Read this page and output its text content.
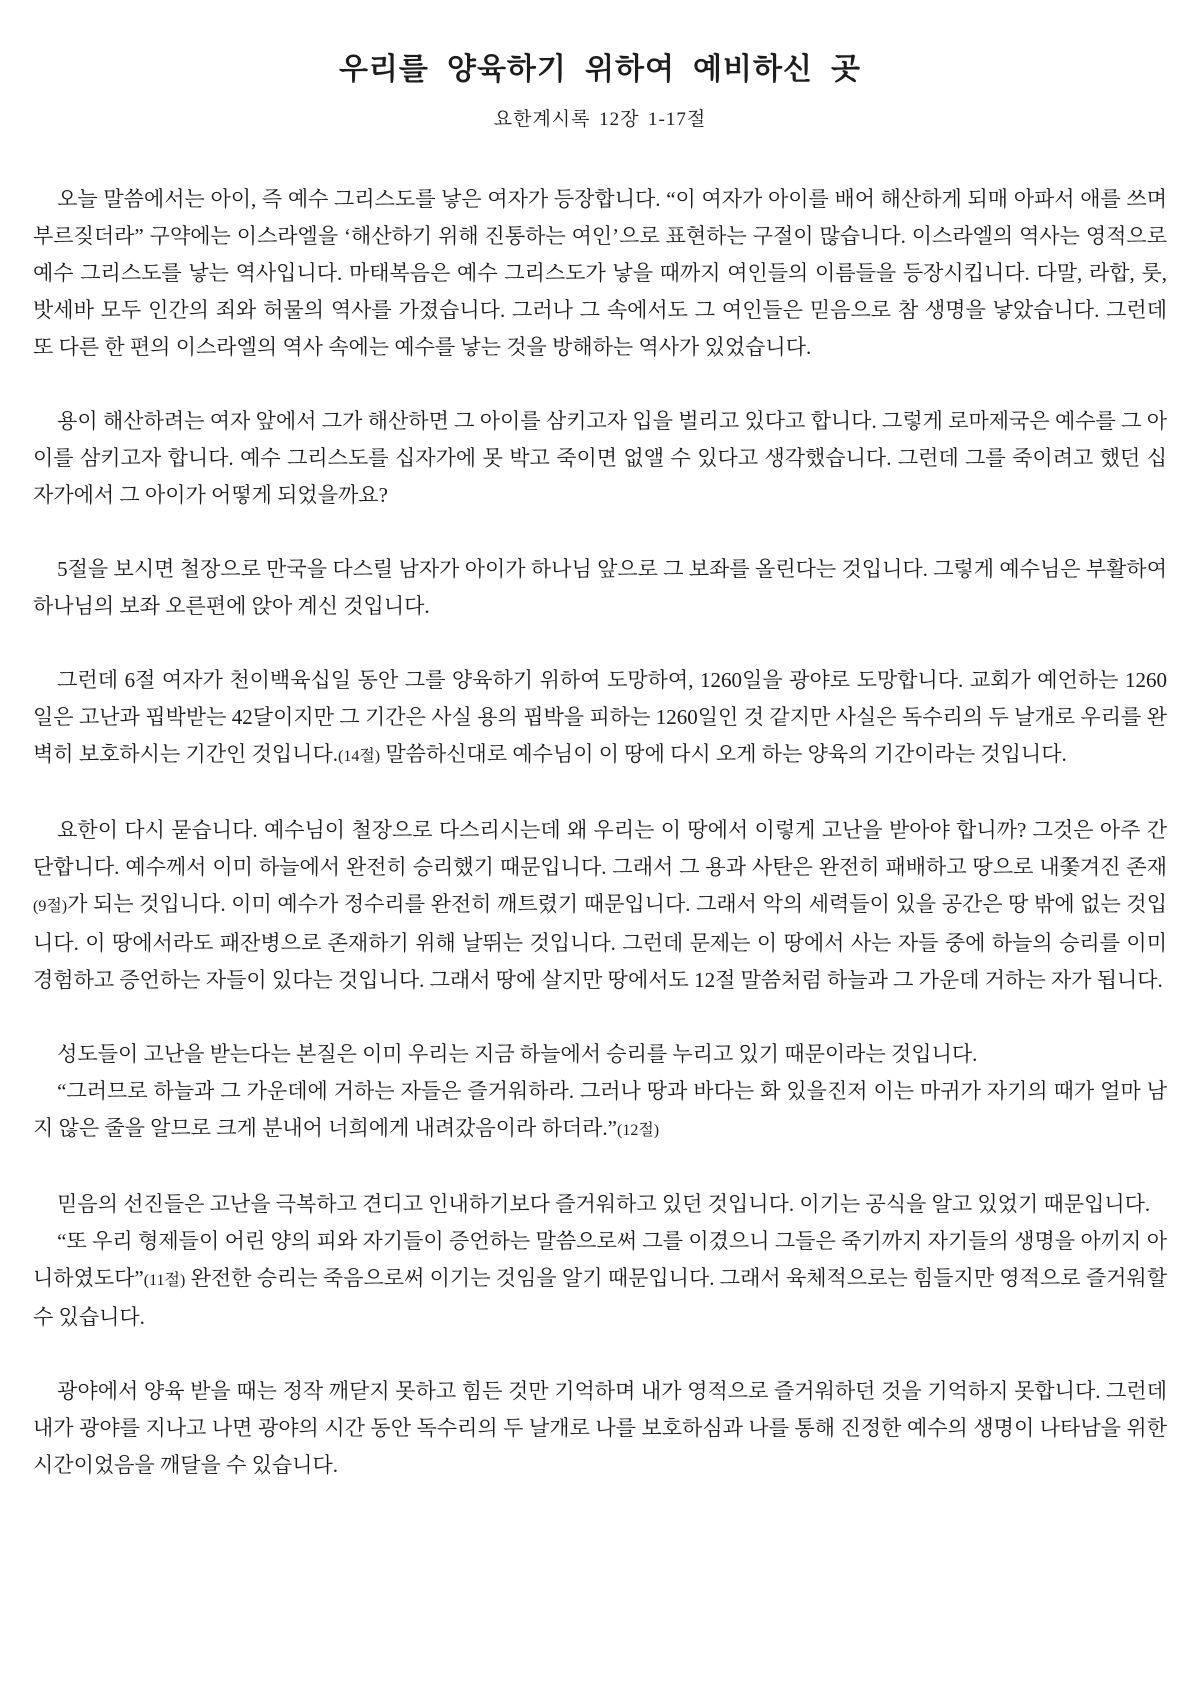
우리를 양육하기 위하여 예비하신 곳
요한계시록 12장 1-17절
오늘 말씀에서는 아이, 즉 예수 그리스도를 낳은 여자가 등장합니다. “이 여자가 아이를 배어 해산하게 되매 아파서 애를 쓰며 부르짖더라” 구약에는 이스라엘을 ‘해산하기 위해 진통하는 여인’으로 표현하는 구절이 많습니다. 이스라엘의 역사는 영적으로 예수 그리스도를 낳는 역사입니다. 마태복음은 예수 그리스도가 낳을 때까지 여인들의 이름들을 등장시킵니다. 다말, 라합, 룻, 밧세바 모두 인간의 죄와 허물의 역사를 가졌습니다. 그러나 그 속에서도 그 여인들은 믿음으로 참 생명을 낳았습니다. 그런데 또 다른 한 편의 이스라엘의 역사 속에는 예수를 낳는 것을 방해하는 역사가 있었습니다.
용이 해산하려는 여자 앞에서 그가 해산하면 그 아이를 삼키고자 입을 벌리고 있다고 합니다. 그렇게 로마제국은 예수를 그 아이를 삼키고자 합니다. 예수 그리스도를 십자가에 못 박고 죽이면 없앨 수 있다고 생각했습니다. 그런데 그를 죽이려고 했던 십자가에서 그 아이가 어떻게 되었을까요?
5절을 보시면 철장으로 만국을 다스릴 남자가 아이가 하나님 앞으로 그 보좌를 올린다는 것입니다. 그렇게 예수님은 부활하여 하나님의 보좌 오른편에 앉아 계신 것입니다.
그런데 6절 여자가 천이백육십일 동안 그를 양육하기 위하여 도망하여, 1260일을 광야로 도망합니다. 교회가 예언하는 1260일은 고난과 핍박받는 42달이지만 그 기간은 사실 용의 핍박을 피하는 1260일인 것 같지만 사실은 독수리의 두 날개로 우리를 완벽히 보호하시는 기간인 것입니다.(14절) 말씀하신대로 예수님이 이 땅에 다시 오게 하는 양육의 기간이라는 것입니다.
요한이 다시 묻습니다. 예수님이 철장으로 다스리시는데 왜 우리는 이 땅에서 이렇게 고난을 받아야 합니까? 그것은 아주 간단합니다. 예수께서 이미 하늘에서 완전히 승리했기 때문입니다. 그래서 그 용과 사탄은 완전히 패배하고 땅으로 내쫓겨진 존재(9절)가 되는 것입니다. 이미 예수가 정수리를 완전히 깨트렸기 때문입니다. 그래서 악의 세력들이 있을 공간은 땅 밖에 없는 것입니다. 이 땅에서라도 패잔병으로 존재하기 위해 날뛰는 것입니다. 그런데 문제는 이 땅에서 사는 자들 중에 하늘의 승리를 이미 경험하고 증언하는 자들이 있다는 것입니다. 그래서 땅에 살지만 땅에서도 12절 말씀처럼 하늘과 그 가운데 거하는 자가 됩니다.
성도들이 고난을 받는다는 본질은 이미 우리는 지금 하늘에서 승리를 누리고 있기 때문이라는 것입니다.
“그러므로 하늘과 그 가운데에 거하는 자들은 즐거워하라. 그러나 땅과 바다는 화 있을진저 이는 마귀가 자기의 때가 얼마 남지 않은 줄을 알므로 크게 분내어 너희에게 내려갔음이라 하더라.”(12절)
믿음의 선진들은 고난을 극복하고 견디고 인내하기보다 즐거워하고 있던 것입니다. 이기는 공식을 알고 있었기 때문입니다.
“또 우리 형제들이 어린 양의 피와 자기들이 증언하는 말씀으로써 그를 이겼으니 그들은 죽기까지 자기들의 생명을 아끼지 아니하였도다”(11절) 완전한 승리는 죽음으로써 이기는 것임을 알기 때문입니다. 그래서 육체적으로는 힘들지만 영적으로 즐거워할 수 있습니다.
광야에서 양육 받을 때는 정작 깨닫지 못하고 힘든 것만 기억하며 내가 영적으로 즐거워하던 것을 기억하지 못합니다. 그런데 내가 광야를 지나고 나면 광야의 시간 동안 독수리의 두 날개로 나를 보호하심과 나를 통해 진정한 예수의 생명이 나타남을 위한 시간이었음을 깨달을 수 있습니다.
